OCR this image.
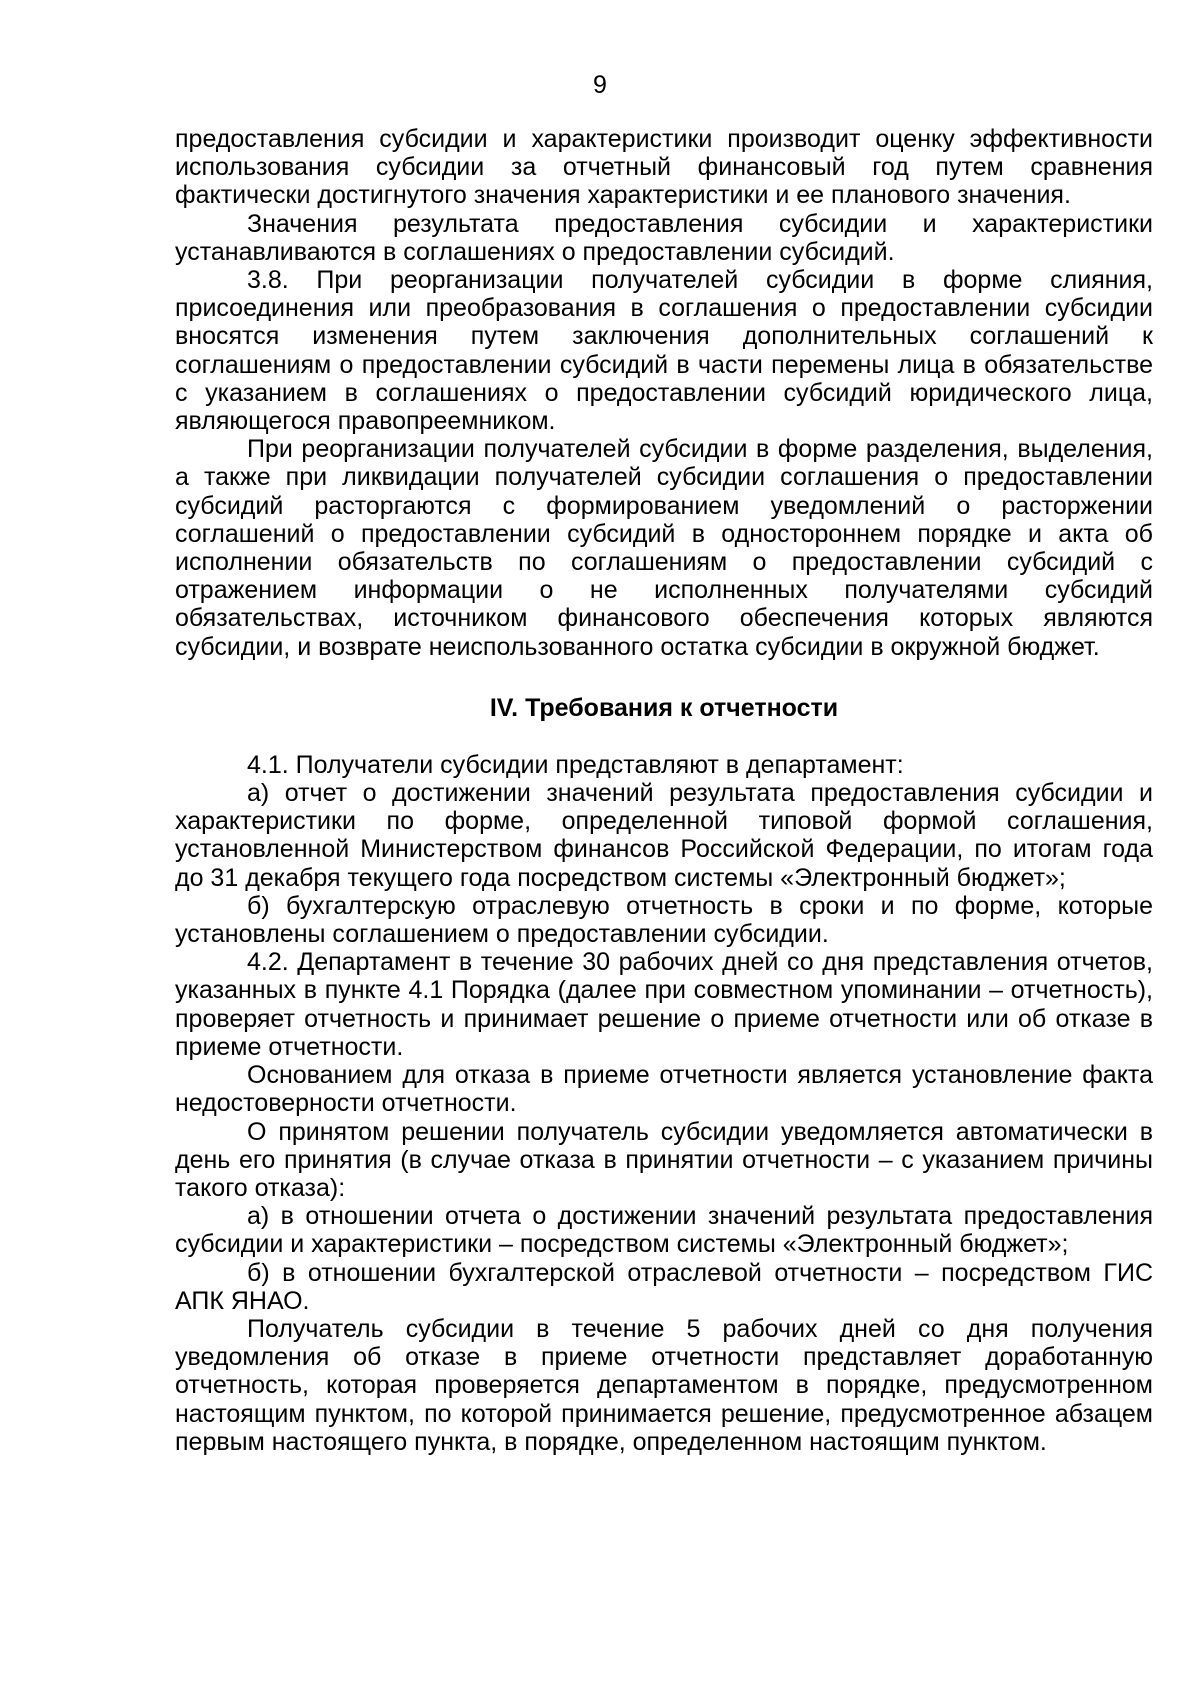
9

предоставления субсидии и характеристики производит оценку эффективности использования субсидии за отчетный финансовый год путем сравнения фактически достигнутого значения характеристики и ее планового значения.

Значения результата предоставления субсидии и характеристики устанавливаются в соглашениях о предоставлении субсидий.

3.8. При реорганизации получателей субсидии в форме слияния, присоединения или преобразования в соглашения о предоставлении субсидии вносятся изменения путем заключения дополнительных соглашений к соглашениям о предоставлении субсидий в части перемены лица в обязательстве с указанием в соглашениях о предоставлении субсидий юридического лица, являющегося правопреемником.

При реорганизации получателей субсидии в форме разделения, выделения, а также при ликвидации получателей субсидии соглашения о предоставлении субсидий расторгаются с формированием уведомлений о расторжении соглашений о предоставлении субсидий в одностороннем порядке и акта об исполнении обязательств по соглашениям о предоставлении субсидий с отражением информации о не исполненных получателями субсидий обязательствах, источником финансового обеспечения которых являются субсидии, и возврате неиспользованного остатка субсидии в окружной бюджет.

IV. Требования к отчетности

4.1. Получатели субсидии представляют в департамент:

а) отчет о достижении значений результата предоставления субсидии и характеристики по форме, определенной типовой формой соглашения, установленной Министерством финансов Российской Федерации, по итогам года до 31 декабря текущего года посредством системы «Электронный бюджет»;

б) бухгалтерскую отраслевую отчетность в сроки и по форме, которые установлены соглашением о предоставлении субсидии.

4.2. Департамент в течение 30 рабочих дней со дня представления отчетов, указанных в пункте 4.1 Порядка (далее при совместном упоминании – отчетность), проверяет отчетность и принимает решение о приеме отчетности или об отказе в приеме отчетности.

Основанием для отказа в приеме отчетности является установление факта недостоверности отчетности.

О принятом решении получатель субсидии уведомляется автоматически в день его принятия (в случае отказа в принятии отчетности – с указанием причины такого отказа):

а) в отношении отчета о достижении значений результата предоставления субсидии и характеристики – посредством системы «Электронный бюджет»;

б) в отношении бухгалтерской отраслевой отчетности – посредством ГИС АПК ЯНАО.

Получатель субсидии в течение 5 рабочих дней со дня получения уведомления об отказе в приеме отчетности представляет доработанную отчетность, которая проверяется департаментом в порядке, предусмотренном настоящим пунктом, по которой принимается решение, предусмотренное абзацем первым настоящего пункта, в порядке, определенном настоящим пунктом.
